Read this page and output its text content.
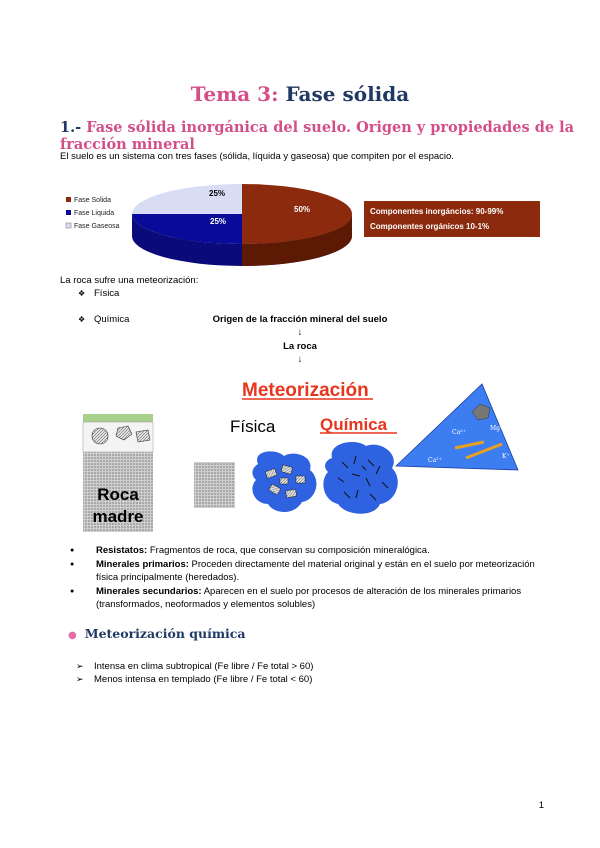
Tema 3: Fase sólida
1.- Fase sólida inorgánica del suelo. Origen y propiedades de la fracción mineral
El suelo es un sistema con tres fases (sólida, líquida y gaseosa) que compiten por el espacio.
50%
25%
25%
Fase Solida
Fase Liquida
Fase Gaseosa
Componentes inorgáncios: 90-99%
Componentes orgánicos 10-1%
La roca sufre una meteorización:
❖ Física
❖ Química	Origen de la fracción mineral del suelo
↓
La roca
↓
Meteorización
Roca
madre
Física	Química	Ca²⁺
Mg²⁺
Ca²⁺
K⁺
● Resistatos: Fragmentos de roca, que conservan su composición mineralógica.
● Minerales primarios: Proceden directamente del material original y están en el suelo por meteorización física principalmente (heredados).
● Minerales secundarios: Aparecen en el suelo por procesos de alteración de los minerales primarios (transformados, neoformados y elementos solubles)
● Meteorización química
➢ Intensa en clima subtropical (Fe libre / Fe total > 60)
➢ Menos intensa en templado (Fe libre / Fe total < 60)
1
